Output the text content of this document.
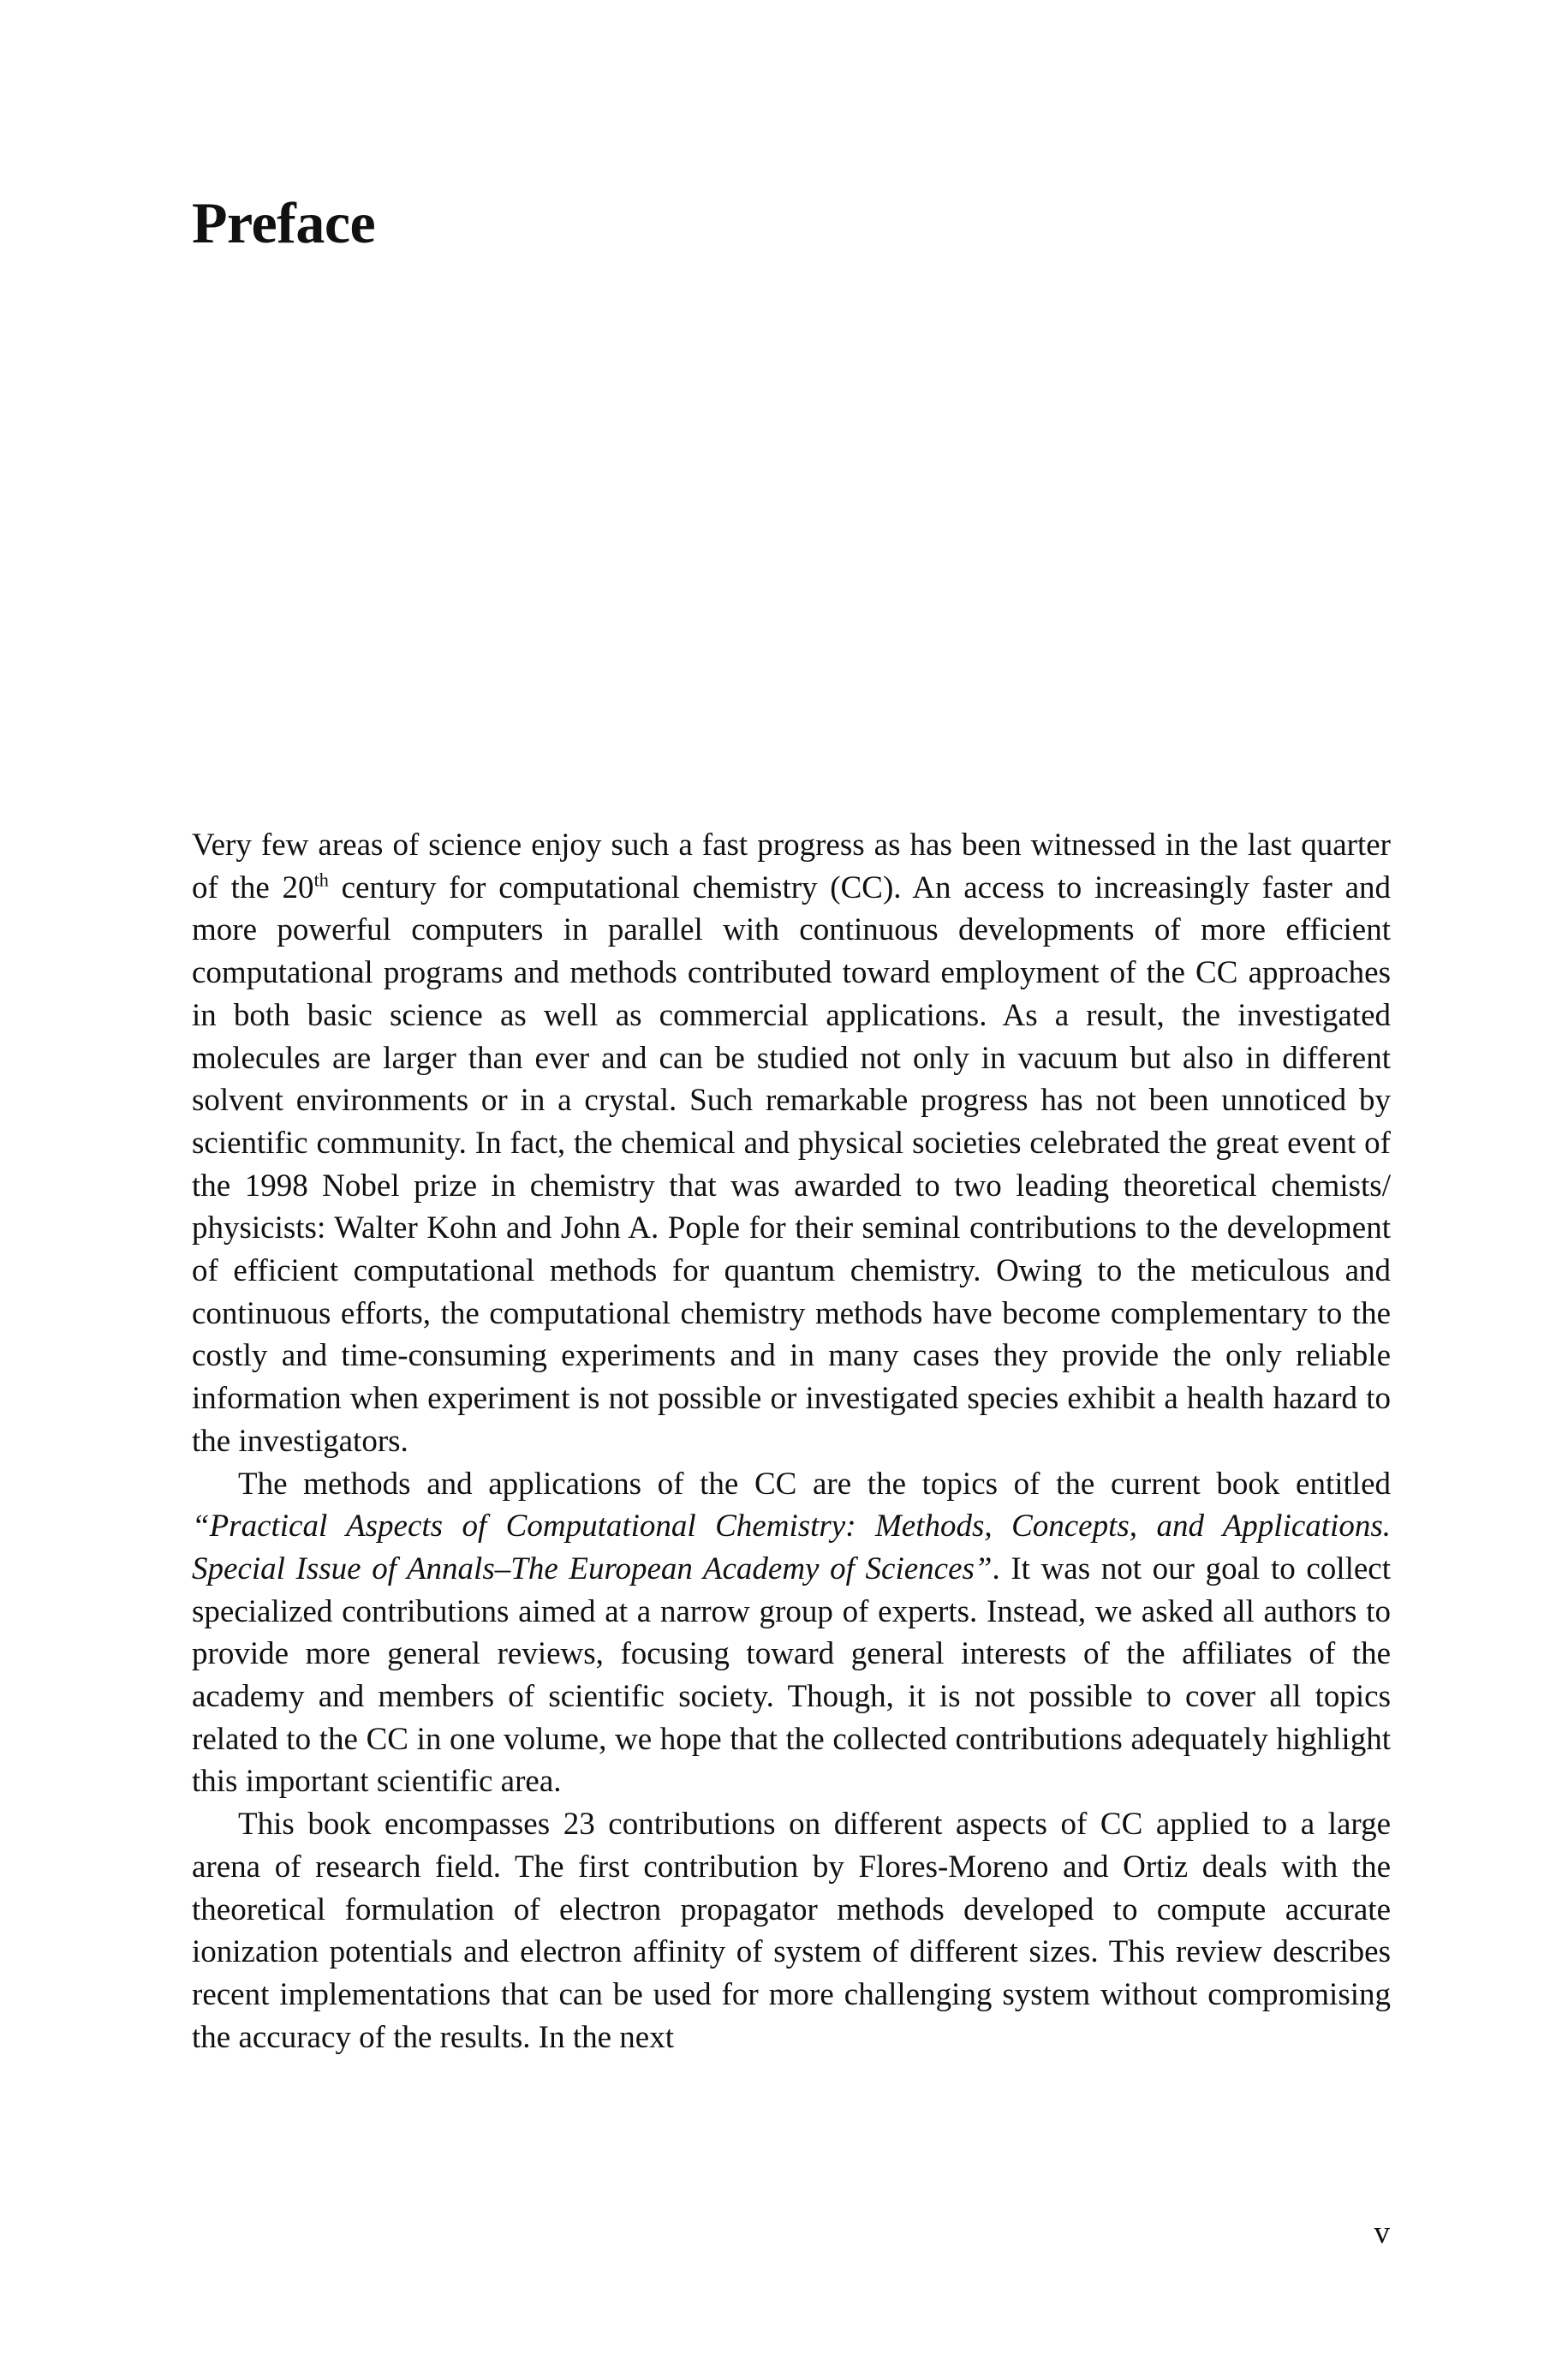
Preface

Very few areas of science enjoy such a fast progress as has been witnessed in the last quarter of the 20th century for computational chemistry (CC). An access to increasingly faster and more powerful computers in parallel with continuous developments of more efficient computational programs and methods contributed toward employment of the CC approaches in both basic science as well as commercial applications. As a result, the investigated molecules are larger than ever and can be studied not only in vacuum but also in different solvent environments or in a crystal. Such remarkable progress has not been unnoticed by scientific community. In fact, the chemical and physical societies celebrated the great event of the 1998 Nobel prize in chemistry that was awarded to two leading theoretical chemists/​physicists: Walter Kohn and John A. Pople for their seminal contributions to the development of efficient computational methods for quantum chemistry. Owing to the meticulous and continuous efforts, the computational chemistry methods have become complementary to the costly and time-consuming experiments and in many cases they provide the only reliable information when experiment is not possible or investigated species exhibit a health hazard to the investigators.

The methods and applications of the CC are the topics of the current book entitled “Practical Aspects of Computational Chemistry: Methods, Concepts, and Applications. Special Issue of Annals–The European Academy of Sciences”. It was not our goal to collect specialized contributions aimed at a narrow group of experts. Instead, we asked all authors to provide more general reviews, focusing toward general interests of the affiliates of the academy and members of scientific society. Though, it is not possible to cover all topics related to the CC in one volume, we hope that the collected contributions adequately highlight this important scientific area.

This book encompasses 23 contributions on different aspects of CC applied to a large arena of research field. The first contribution by Flores-Moreno and Ortiz deals with the theoretical formulation of electron propagator methods developed to compute accurate ionization potentials and electron affinity of system of different sizes. This review describes recent implementations that can be used for more challenging system without compromising the accuracy of the results. In the next

v
